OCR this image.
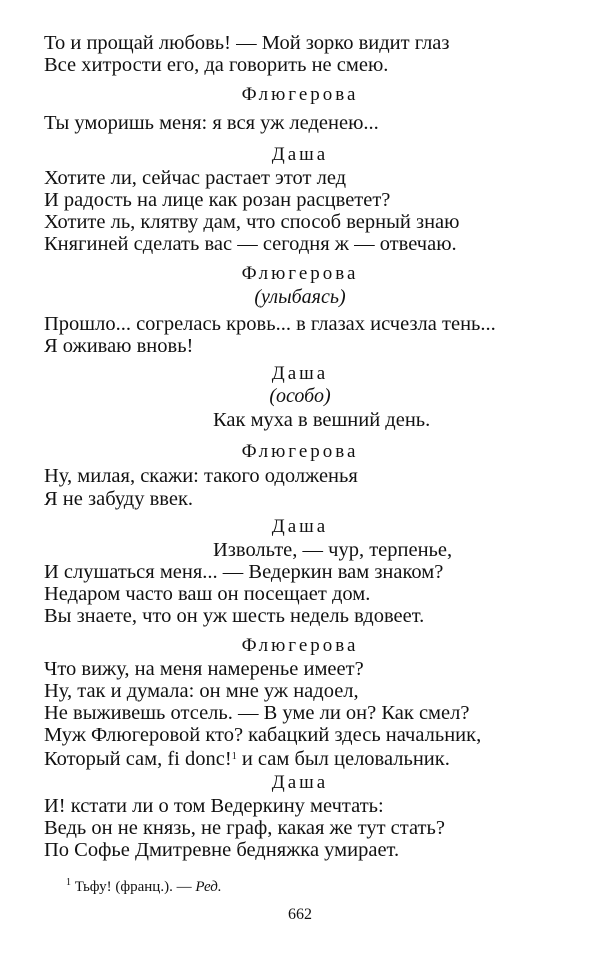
То и прощай любовь! — Мой зорко видит глаз
Все хитрости его, да говорить не смею.
Флюгерова
Ты уморишь меня: я вся уж леденею...
Даша
Хотите ли, сейчас растает этот лед
И радость на лице как розан расцветет?
Хотите ль, клятву дам, что способ верный знаю
Княгиней сделать вас — сегодня ж — отвечаю.
Флюгерова
(улыбаясь)
Прошло... согрелась кровь... в глазах исчезла тень...
Я оживаю вновь!
Даша
(особо)
Как муха в вешний день.
Флюгерова
Ну, милая, скажи: такого одолженья
Я не забуду ввек.
Даша
Извольте, — чур, терпенье,
И слушаться меня... — Ведеркин вам знаком?
Недаром часто ваш он посещает дом.
Вы знаете, что он уж шесть недель вдовеет.
Флюгерова
Что вижу, на меня намеренье имеет?
Ну, так и думала: он мне уж надоел,
Не выживешь отсель. — В уме ли он? Как смел?
Муж Флюгеровой кто? кабацкий здесь начальник,
Который сам, fi donc!$^1$ и сам был целовальник.
Даша
И! кстати ли о том Ведеркину мечтать:
Ведь он не князь, не граф, какая же тут стать?
По Софье Дмитревне бедняжка умирает.
$^1$ Тьфу! (франц.). — Ред.
662
